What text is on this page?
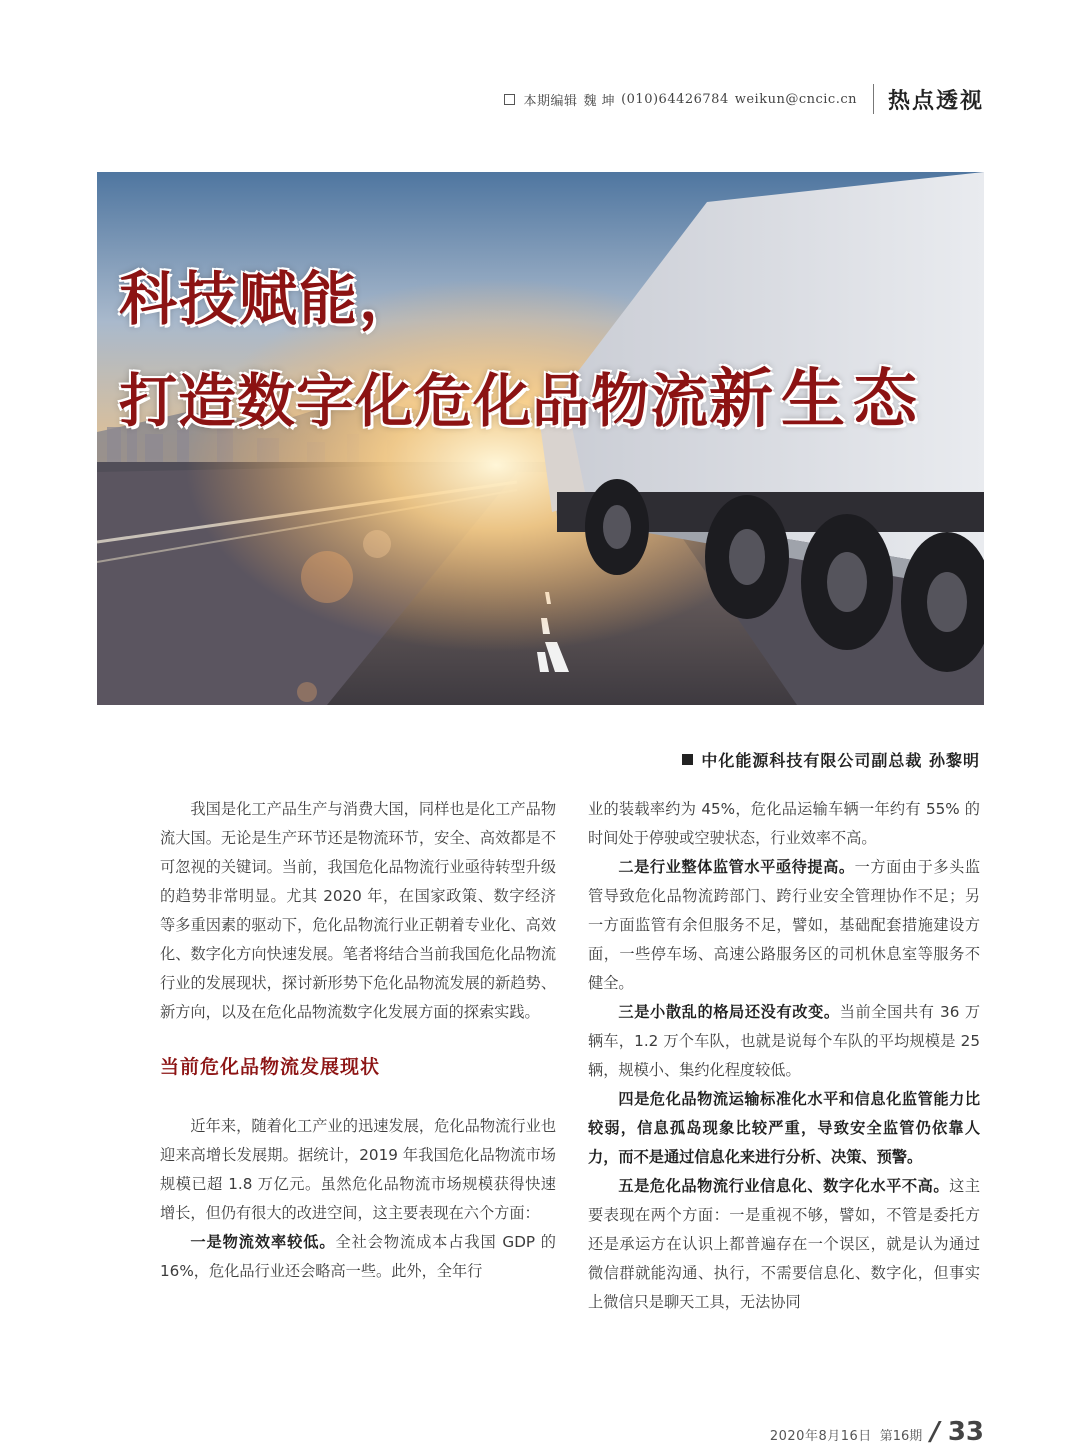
本期编辑 魏 坤 (010)64426784 weikun@cncic.cn 热点透视
科技赋能，
打造数字化危化品物流新生态
中化能源科技有限公司副总裁 孙黎明

我国是化工产品生产与消费大国，同样也是化工产品物流大国。无论是生产环节还是物流环节，安全、高效都是不可忽视的关键词。当前，我国危化品物流行业亟待转型升级的趋势非常明显。尤其 2020 年，在国家政策、数字经济等多重因素的驱动下，危化品物流行业正朝着专业化、高效化、数字化方向快速发展。笔者将结合当前我国危化品物流行业的发展现状，探讨新形势下危化品物流发展的新趋势、新方向，以及在危化品物流数字化发展方面的探索实践。

当前危化品物流发展现状

近年来，随着化工产业的迅速发展，危化品物流行业也迎来高增长发展期。据统计，2019 年我国危化品物流市场规模已超 1.8 万亿元。虽然危化品物流市场规模获得快速增长，但仍有很大的改进空间，这主要表现在六个方面：

一是物流效率较低。全社会物流成本占我国 GDP 的 16%，危化品行业还会略高一些。此外，全年行

业的装载率约为 45%，危化品运输车辆一年约有 55% 的时间处于停驶或空驶状态，行业效率不高。

二是行业整体监管水平亟待提高。一方面由于多头监管导致危化品物流跨部门、跨行业安全管理协作不足；另一方面监管有余但服务不足，譬如，基础配套措施建设方面，一些停车场、高速公路服务区的司机休息室等服务不健全。

三是小散乱的格局还没有改变。当前全国共有 36 万辆车，1.2 万个车队，也就是说每个车队的平均规模是 25 辆，规模小、集约化程度较低。

四是危化品物流运输标准化水平和信息化监管能力比较弱，信息孤岛现象比较严重，导致安全监管仍依靠人力，而不是通过信息化来进行分析、决策、预警。

五是危化品物流行业信息化、数字化水平不高。这主要表现在两个方面：一是重视不够，譬如，不管是委托方还是承运方在认识上都普遍存在一个误区，就是认为通过微信群就能沟通、执行，不需要信息化、数字化，但事实上微信只是聊天工具，无法协同

2020年8月16日 第16期 / 33
